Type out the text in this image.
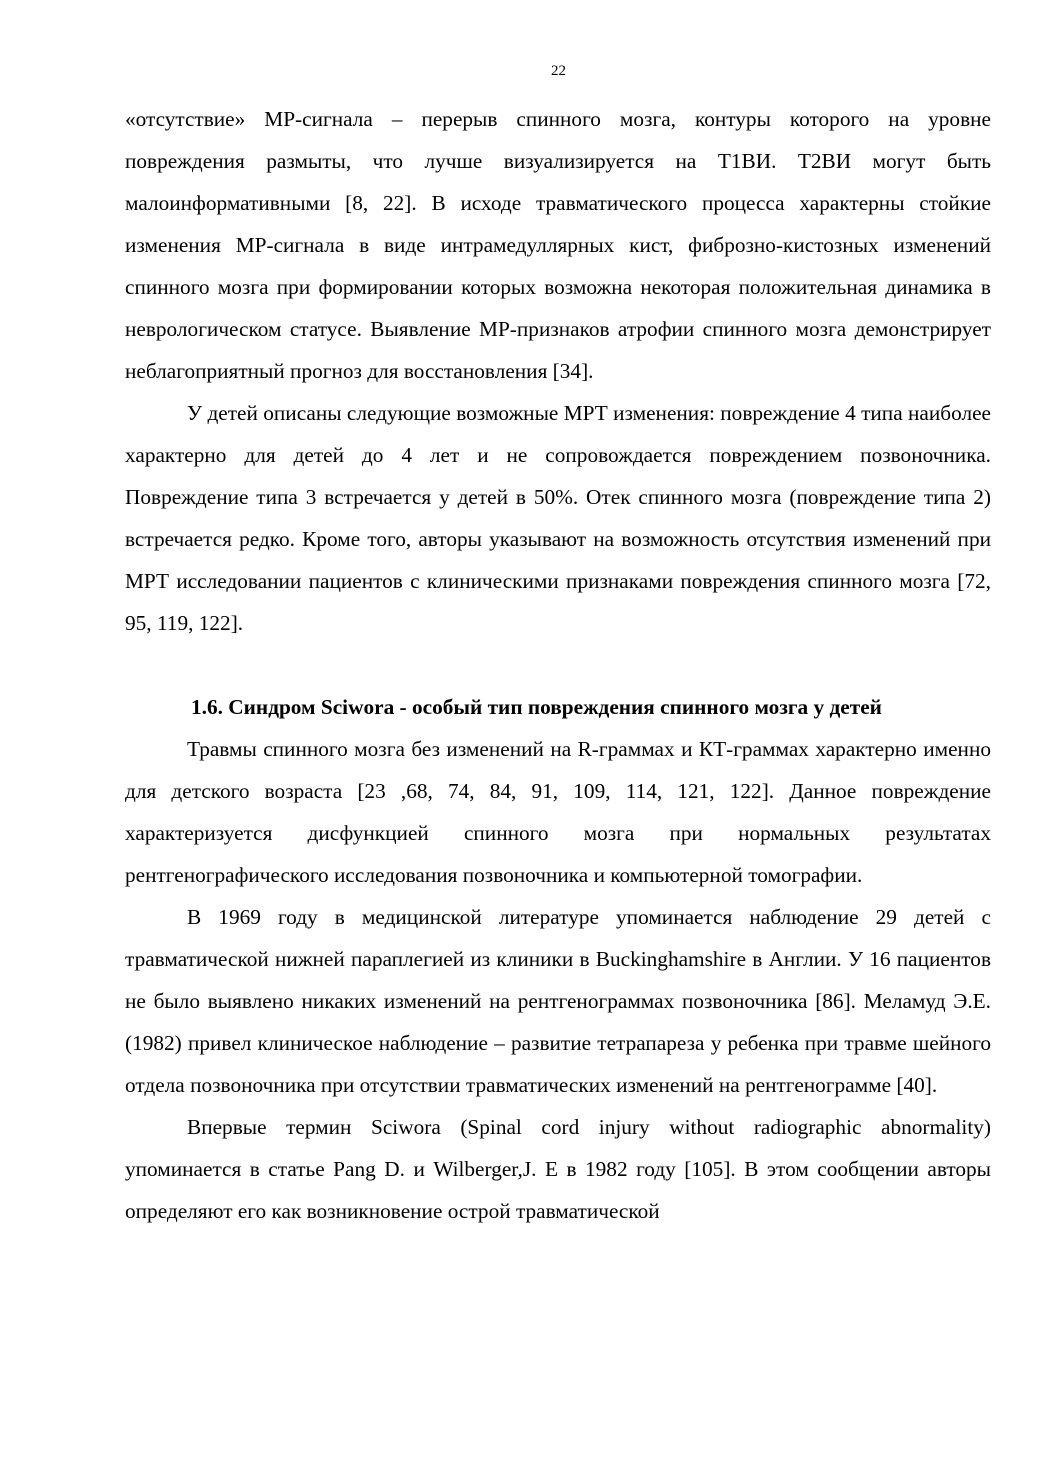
22

«отсутствие» МР-сигнала – перерыв спинного мозга, контуры которого на уровне повреждения размыты, что лучше визуализируется на Т1ВИ. Т2ВИ могут быть малоинформативными [8, 22]. В исходе травматического процесса характерны стойкие изменения МР-сигнала в виде интрамедуллярных кист, фиброзно-кистозных изменений спинного мозга при формировании которых возможна некоторая положительная динамика в неврологическом статусе. Выявление МР-признаков атрофии спинного мозга демонстрирует неблагоприятный прогноз для восстановления [34].

У детей описаны следующие возможные МРТ изменения: повреждение 4 типа наиболее характерно для детей до 4 лет и не сопровождается повреждением позвоночника. Повреждение типа 3 встречается у детей в 50%. Отек спинного мозга (повреждение типа 2) встречается редко. Кроме того, авторы указывают на возможность отсутствия изменений при МРТ исследовании пациентов с клиническими признаками повреждения спинного мозга [72, 95, 119, 122].

1.6. Синдром Sciwora - особый тип повреждения спинного мозга у детей

Травмы спинного мозга без изменений на R-граммах и КТ-граммах характерно именно для детского возраста [23 ,68, 74, 84, 91, 109, 114, 121, 122]. Данное повреждение характеризуется дисфункцией спинного мозга при нормальных результатах рентгенографического исследования позвоночника и компьютерной томографии.

В 1969 году в медицинской литературе упоминается наблюдение 29 детей с травматической нижней параплегией из клиники в Buckinghamshire в Англии. У 16 пациентов не было выявлено никаких изменений на рентгенограммах позвоночника [86]. Меламуд Э.Е. (1982) привел клиническое наблюдение – развитие тетрапареза у ребенка при травме шейного отдела позвоночника при отсутствии травматических изменений на рентгенограмме [40].

Впервые термин Sciwora (Spinal cord injury without radiographic abnormality) упоминается в статье Pang D. и Wilberger,J. E в 1982 году [105]. В этом сообщении авторы определяют его как возникновение острой травматической
